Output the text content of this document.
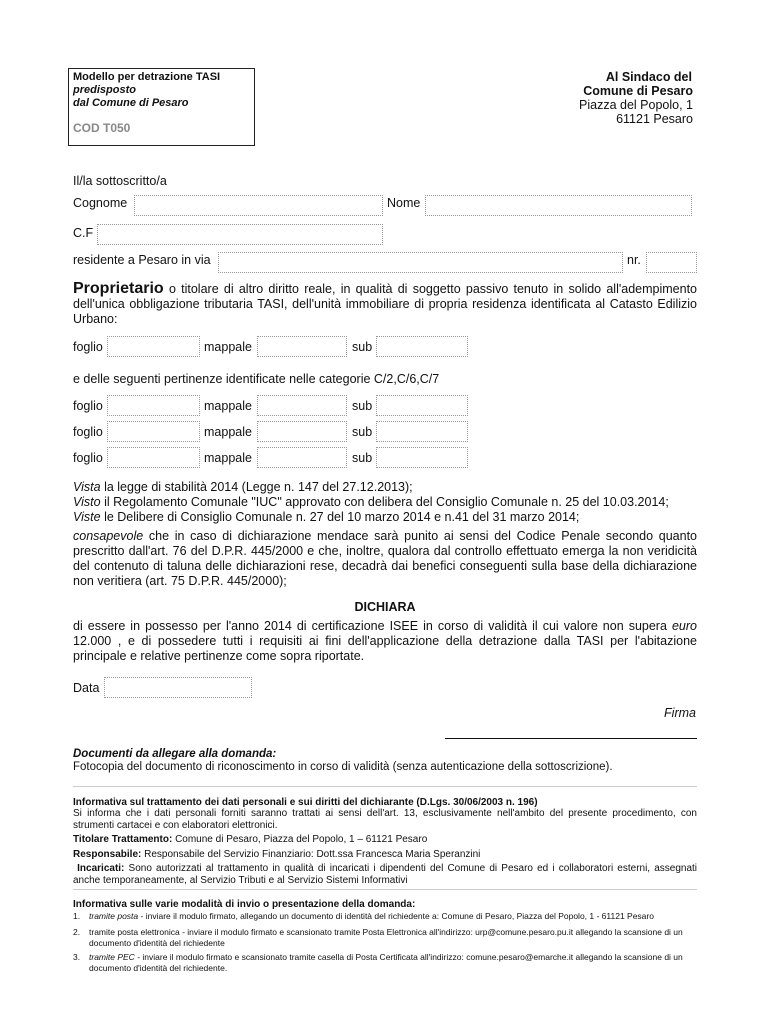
Modello per detrazione TASI
predisposto
dal Comune di Pesaro
COD T050
Al Sindaco del
Comune di Pesaro
Piazza del Popolo, 1
61121 Pesaro
Il/la sottoscritto/a
Cognome	Nome
C.F
residente a Pesaro in via	nr.
Proprietario o titolare di altro diritto reale, in qualità di soggetto passivo tenuto in solido all'adempimento dell'unica obbligazione tributaria TASI, dell'unità immobiliare di propria residenza identificata al Catasto Edilizio Urbano:
foglio	mappale	sub
e delle seguenti pertinenze identificate nelle categorie C/2,C/6,C/7
foglio	mappale	sub
foglio	mappale	sub
foglio	mappale	sub
Vista la legge di stabilità 2014 (Legge n. 147 del 27.12.2013);
Visto il Regolamento Comunale "IUC" approvato con delibera del Consiglio Comunale n. 25 del 10.03.2014;
Viste le Delibere di Consiglio Comunale n. 27 del 10 marzo 2014 e n.41 del 31 marzo 2014;
consapevole che in caso di dichiarazione mendace sarà punito ai sensi del Codice Penale secondo quanto prescritto dall'art. 76 del D.P.R. 445/2000 e che, inoltre, qualora dal controllo effettuato emerga la non veridicità del contenuto di taluna delle dichiarazioni rese, decadrà dai benefici conseguenti sulla base della dichiarazione non veritiera (art. 75 D.P.R. 445/2000);
DICHIARA
di essere in possesso per l'anno 2014 di certificazione ISEE in corso di validità il cui valore non supera euro 12.000 , e di possedere tutti i requisiti ai fini dell'applicazione della detrazione dalla TASI per l'abitazione principale e relative pertinenze come sopra riportate.
Data
Firma
Documenti da allegare alla domanda:
Fotocopia del documento di riconoscimento in corso di validità (senza autenticazione della sottoscrizione).
Informativa sul trattamento dei dati personali e sui diritti del dichiarante (D.Lgs. 30/06/2003 n. 196)
Si informa che i dati personali forniti saranno trattati ai sensi dell'art. 13, esclusivamente nell'ambito del presente procedimento, con strumenti cartacei e con elaboratori elettronici.
Titolare Trattamento: Comune di Pesaro, Piazza del Popolo, 1 – 61121 Pesaro
Responsabile: Responsabile del Servizio Finanziario: Dott.ssa Francesca Maria Speranzini
Incaricati: Sono autorizzati al trattamento in qualità di incaricati i dipendenti del Comune di Pesaro ed i collaboratori esterni, assegnati anche temporaneamente, al Servizio Tributi e al Servizio Sistemi Informativi
Informativa sulle varie modalità di invio o presentazione della domanda:
1. tramite posta - inviare il modulo firmato, allegando un documento di identità del richiedente a: Comune di Pesaro, Piazza del Popolo, 1 - 61121 Pesaro
2. tramite posta elettronica - inviare il modulo firmato e scansionato tramite Posta Elettronica all'indirizzo: urp@comune.pesaro.pu.it allegando la scansione di un documento d'identità del richiedente
3. tramite PEC - inviare il modulo firmato e scansionato tramite casella di Posta Certificata all'indirizzo: comune.pesaro@emarche.it allegando la scansione di un documento d'identità del richiedente.
